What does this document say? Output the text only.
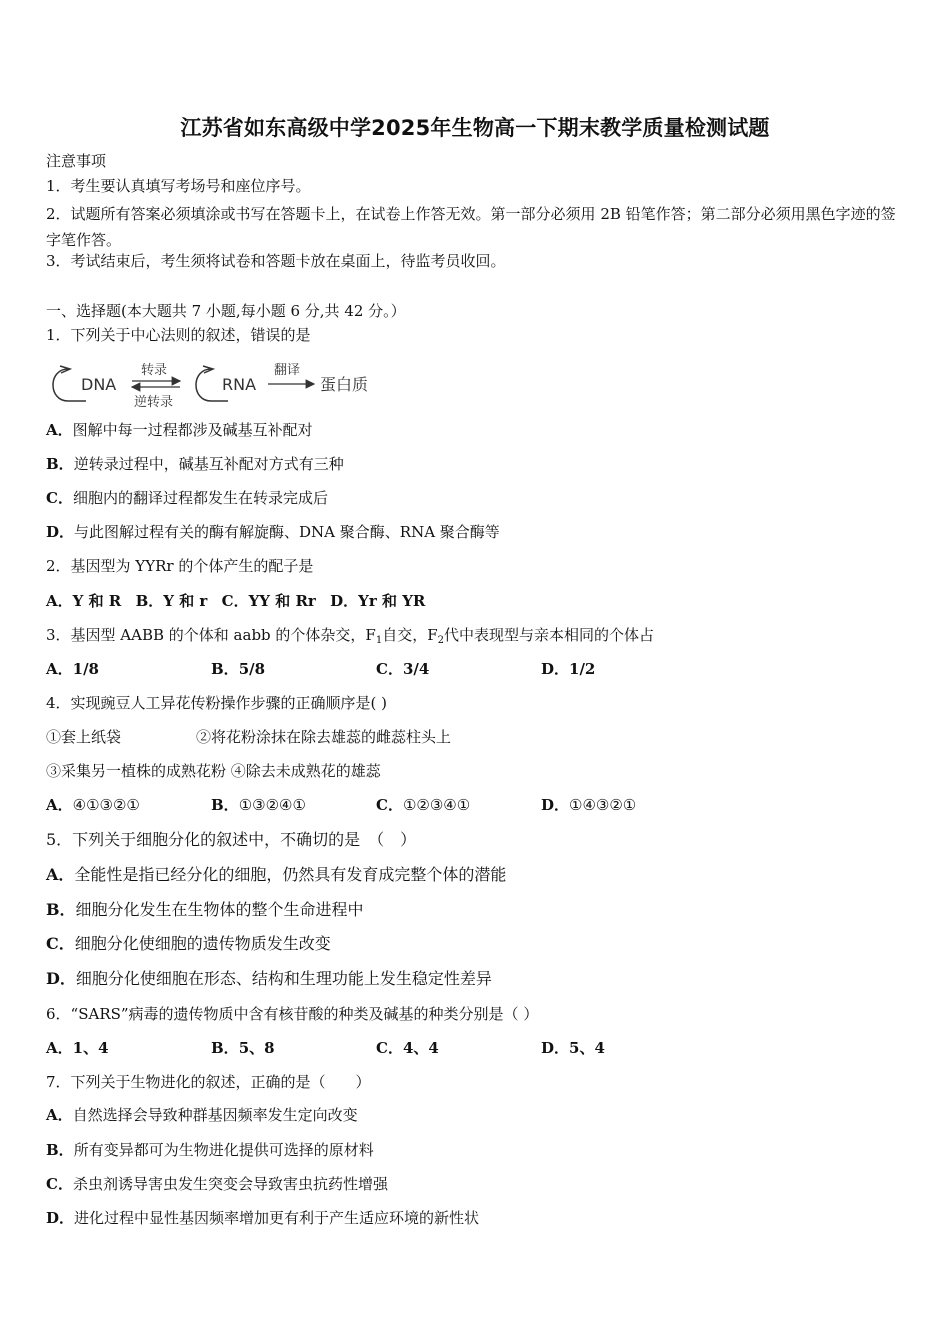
江苏省如东高级中学2025年生物高一下期末教学质量检测试题
注意事项
1．考生要认真填写考场号和座位序号。
2．试题所有答案必须填涂或书写在答题卡上，在试卷上作答无效。第一部分必须用 2B 铅笔作答；第二部分必须用黑色字迹的签字笔作答。
3．考试结束后，考生须将试卷和答题卡放在桌面上，待监考员收回。
一、选择题(本大题共 7 小题,每小题 6 分,共 42 分。）
1．下列关于中心法则的叙述，错误的是
DNA
转录
逆转录
RNA
翻译
蛋白质
A．图解中每一过程都涉及碱基互补配对
B．逆转录过程中，碱基互补配对方式有三种
C．细胞内的翻译过程都发生在转录完成后
D．与此图解过程有关的酶有解旋酶、DNA 聚合酶、RNA 聚合酶等
2．基因型为 YYRr 的个体产生的配子是
A．Y 和 R B．Y 和 r C．YY 和 Rr D．Yr 和 YR
3．基因型 AABB 的个体和 aabb 的个体杂交，$F_1$自交，$F_2$代中表现型与亲本相同的个体占
A．1/8	B．5/8	C．3/4	D．1/2
4．实现豌豆人工异花传粉操作步骤的正确顺序是( )
①套上纸袋	②将花粉涂抹在除去雄蕊的雌蕊柱头上
③采集另一植株的成熟花粉 ④除去未成熟花的雄蕊
A．④①③②①	B．①③②④①	C．①②③④①	D．①④③②①
5．下列关于细胞分化的叙述中，不确切的是　（　）
A．全能性是指已经分化的细胞，仍然具有发育成完整个体的潜能
B．细胞分化发生在生物体的整个生命进程中
C．细胞分化使细胞的遗传物质发生改变
D．细胞分化使细胞在形态、结构和生理功能上发生稳定性差异
6．“SARS”病毒的遗传物质中含有核苷酸的种类及碱基的种类分别是（ ）
A．1、4	B．5、8	C．4、4	D．5、4
7．下列关于生物进化的叙述，正确的是（　　）
A．自然选择会导致种群基因频率发生定向改变
B．所有变异都可为生物进化提供可选择的原材料
C．杀虫剂诱导害虫发生突变会导致害虫抗药性增强
D．进化过程中显性基因频率增加更有利于产生适应环境的新性状
